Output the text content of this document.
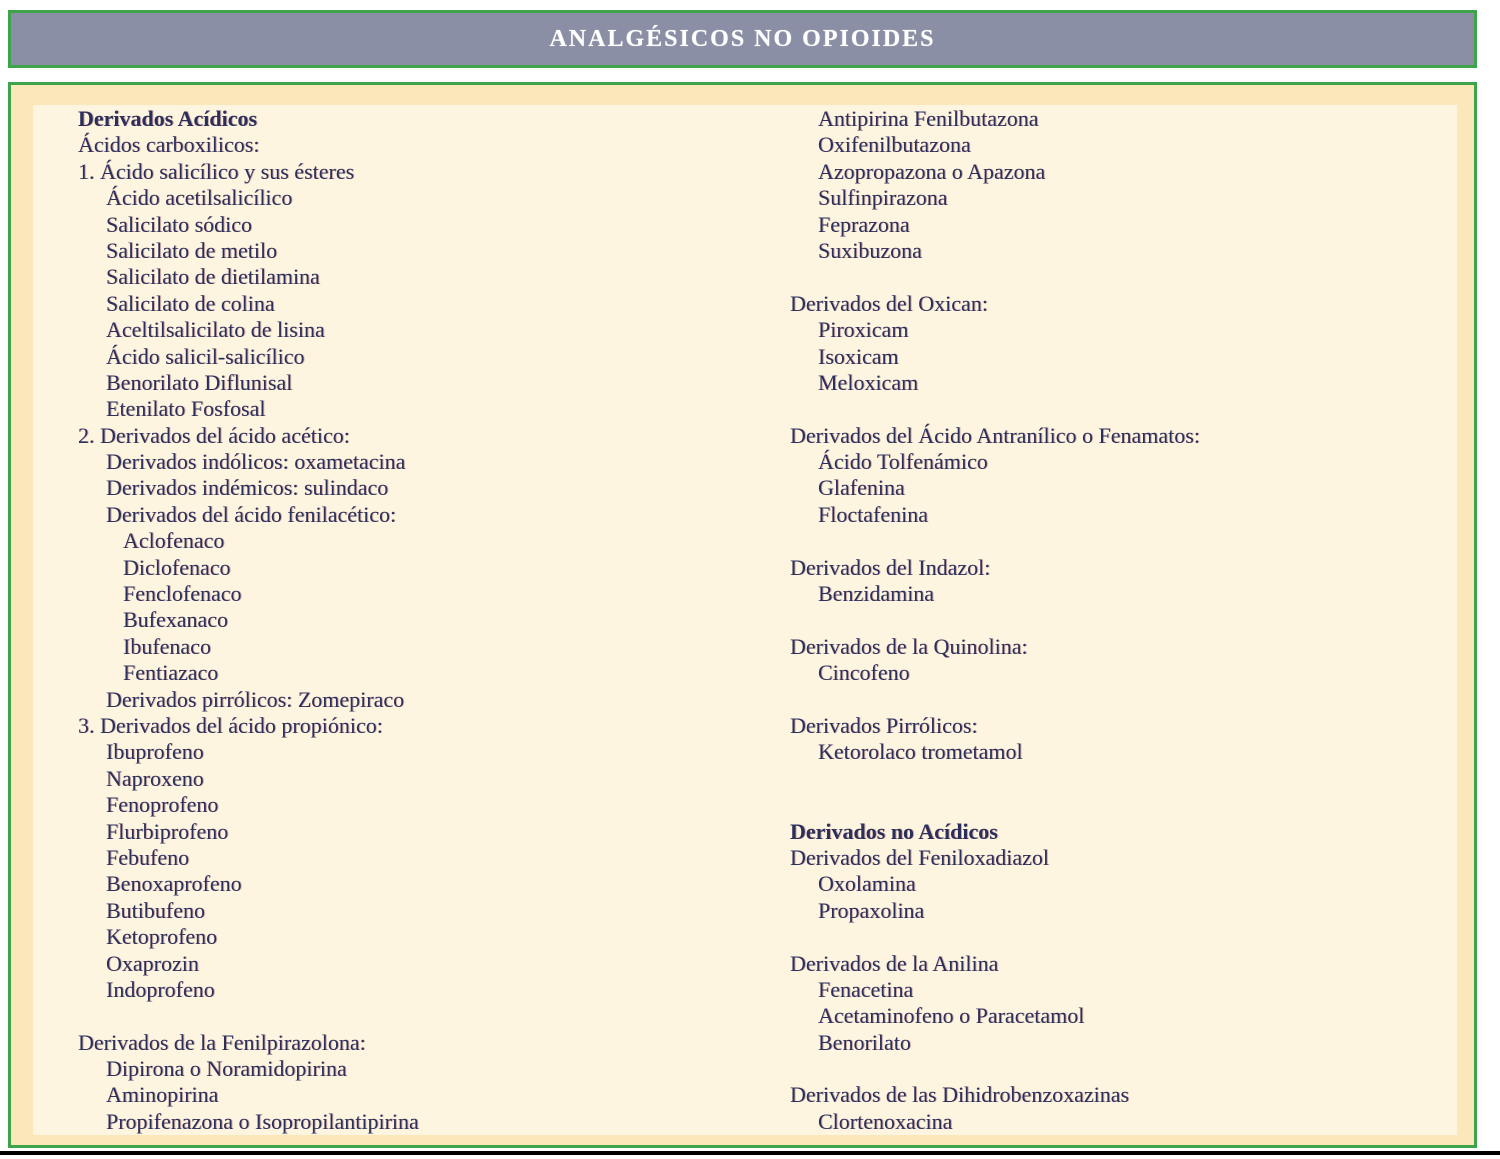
ANALGÉSICOS NO OPIOIDES
Derivados Acídicos
Ácidos carboxilicos:
1. Ácido salicílico y sus ésteres
Ácido acetilsalicílico
Salicilato sódico
Salicilato de metilo
Salicilato de dietilamina
Salicilato de colina
Aceltilsalicilato de lisina
Ácido salicil-salicílico
Benorilato Diflunisal
Etenilato Fosfosal
2. Derivados del ácido acético:
Derivados indólicos: oxametacina
Derivados indémicos: sulindaco
Derivados del ácido fenilacético:
Aclofenaco
Diclofenaco
Fenclofenaco
Bufexanaco
Ibufenaco
Fentiazaco
Derivados pirrólicos: Zomepiraco
3. Derivados del ácido propiónico:
Ibuprofeno
Naproxeno
Fenoprofeno
Flurbiprofeno
Febufeno
Benoxaprofeno
Butibufeno
Ketoprofeno
Oxaprozin
Indoprofeno

Derivados de la Fenilpirazolona:
Dipirona o Noramidopirina
Aminopirina
Propifenazona o Isopropilantipirina
Antipirina Fenilbutazona
Oxifenilbutazona
Azopropazona o Apazona
Sulfinpirazona
Feprazona
Suxibuzona

Derivados del Oxican:
Piroxicam
Isoxicam
Meloxicam

Derivados del Ácido Antranílico o Fenamatos:
Ácido Tolfenámico
Glafenina
Floctafenina

Derivados del Indazol:
Benzidamina

Derivados de la Quinolina:
Cincofeno

Derivados Pirrólicos:
Ketorolaco trometamol

Derivados no Acídicos
Derivados del Feniloxadiazol
Oxolamina
Propaxolina

Derivados de la Anilina
Fenacetina
Acetaminofeno o Paracetamol
Benorilato

Derivados de las Dihidrobenzoxazinas
Clortenoxacina
